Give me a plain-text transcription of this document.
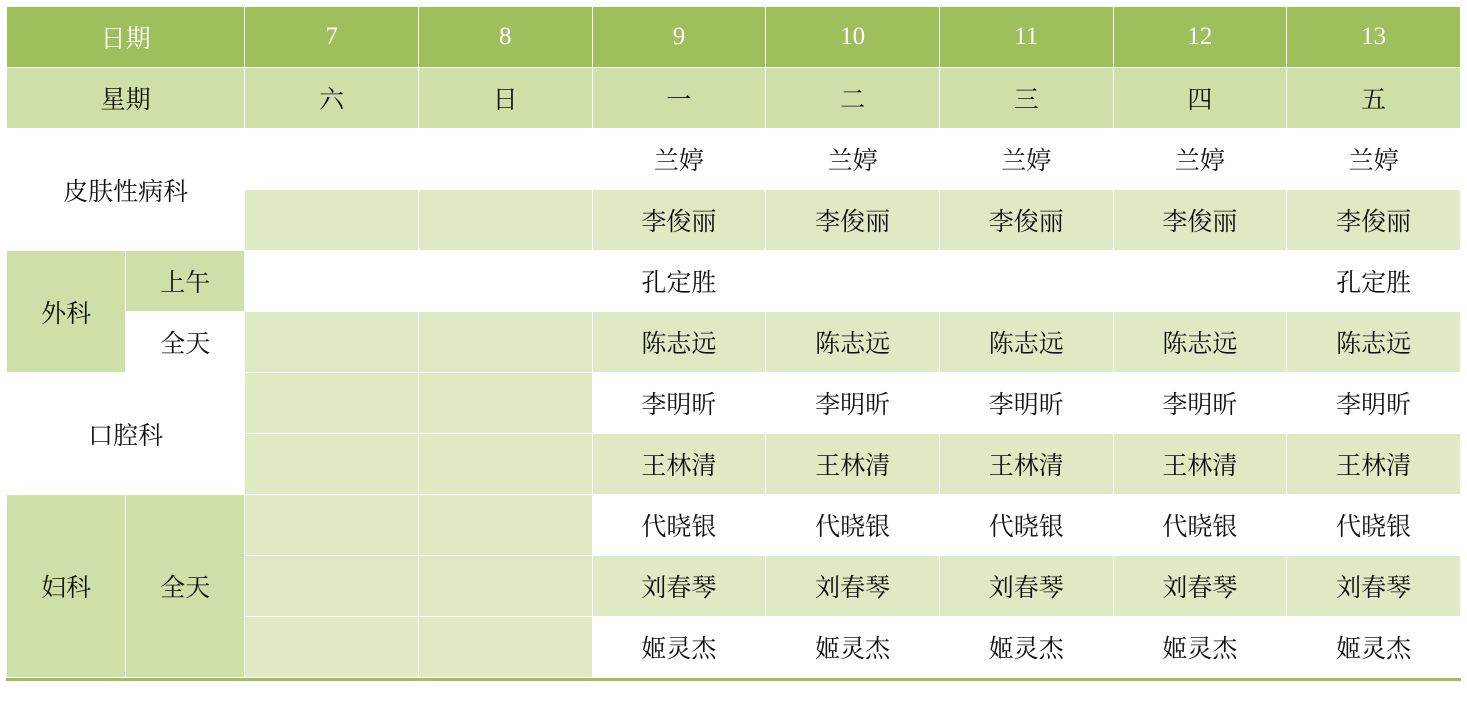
日期		7	8	9	10	11	12	13
星期		六	日	一	二	三	四	五
皮肤性病科				兰婷	兰婷	兰婷	兰婷	兰婷
				李俊丽	李俊丽	李俊丽	李俊丽	李俊丽
外科	上午			孔定胜				孔定胜
	全天			陈志远	陈志远	陈志远	陈志远	陈志远
口腔科				李明昕	李明昕	李明昕	李明昕	李明昕
				王林清	王林清	王林清	王林清	王林清
妇科	全天			代晓银	代晓银	代晓银	代晓银	代晓银
				刘春琴	刘春琴	刘春琴	刘春琴	刘春琴
				姬灵杰	姬灵杰	姬灵杰	姬灵杰	姬灵杰
